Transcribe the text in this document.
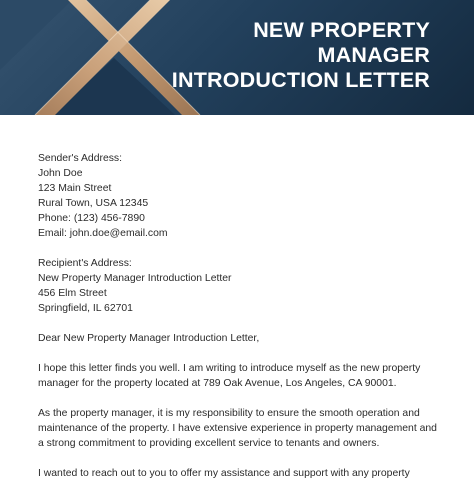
NEW PROPERTY
MANAGER
INTRODUCTION LETTER
Sender's Address:
John Doe
123 Main Street
Rural Town, USA 12345
Phone: (123) 456-7890
Email: john.doe@email.com
Recipient's Address:
New Property Manager Introduction Letter
456 Elm Street
Springfield, IL 62701
Dear New Property Manager Introduction Letter,
I hope this letter finds you well. I am writing to introduce myself as the new property
manager for the property located at 789 Oak Avenue, Los Angeles, CA 90001.
As the property manager, it is my responsibility to ensure the smooth operation and
maintenance of the property. I have extensive experience in property management and
a strong commitment to providing excellent service to tenants and owners.
I wanted to reach out to you to offer my assistance and support with any property
